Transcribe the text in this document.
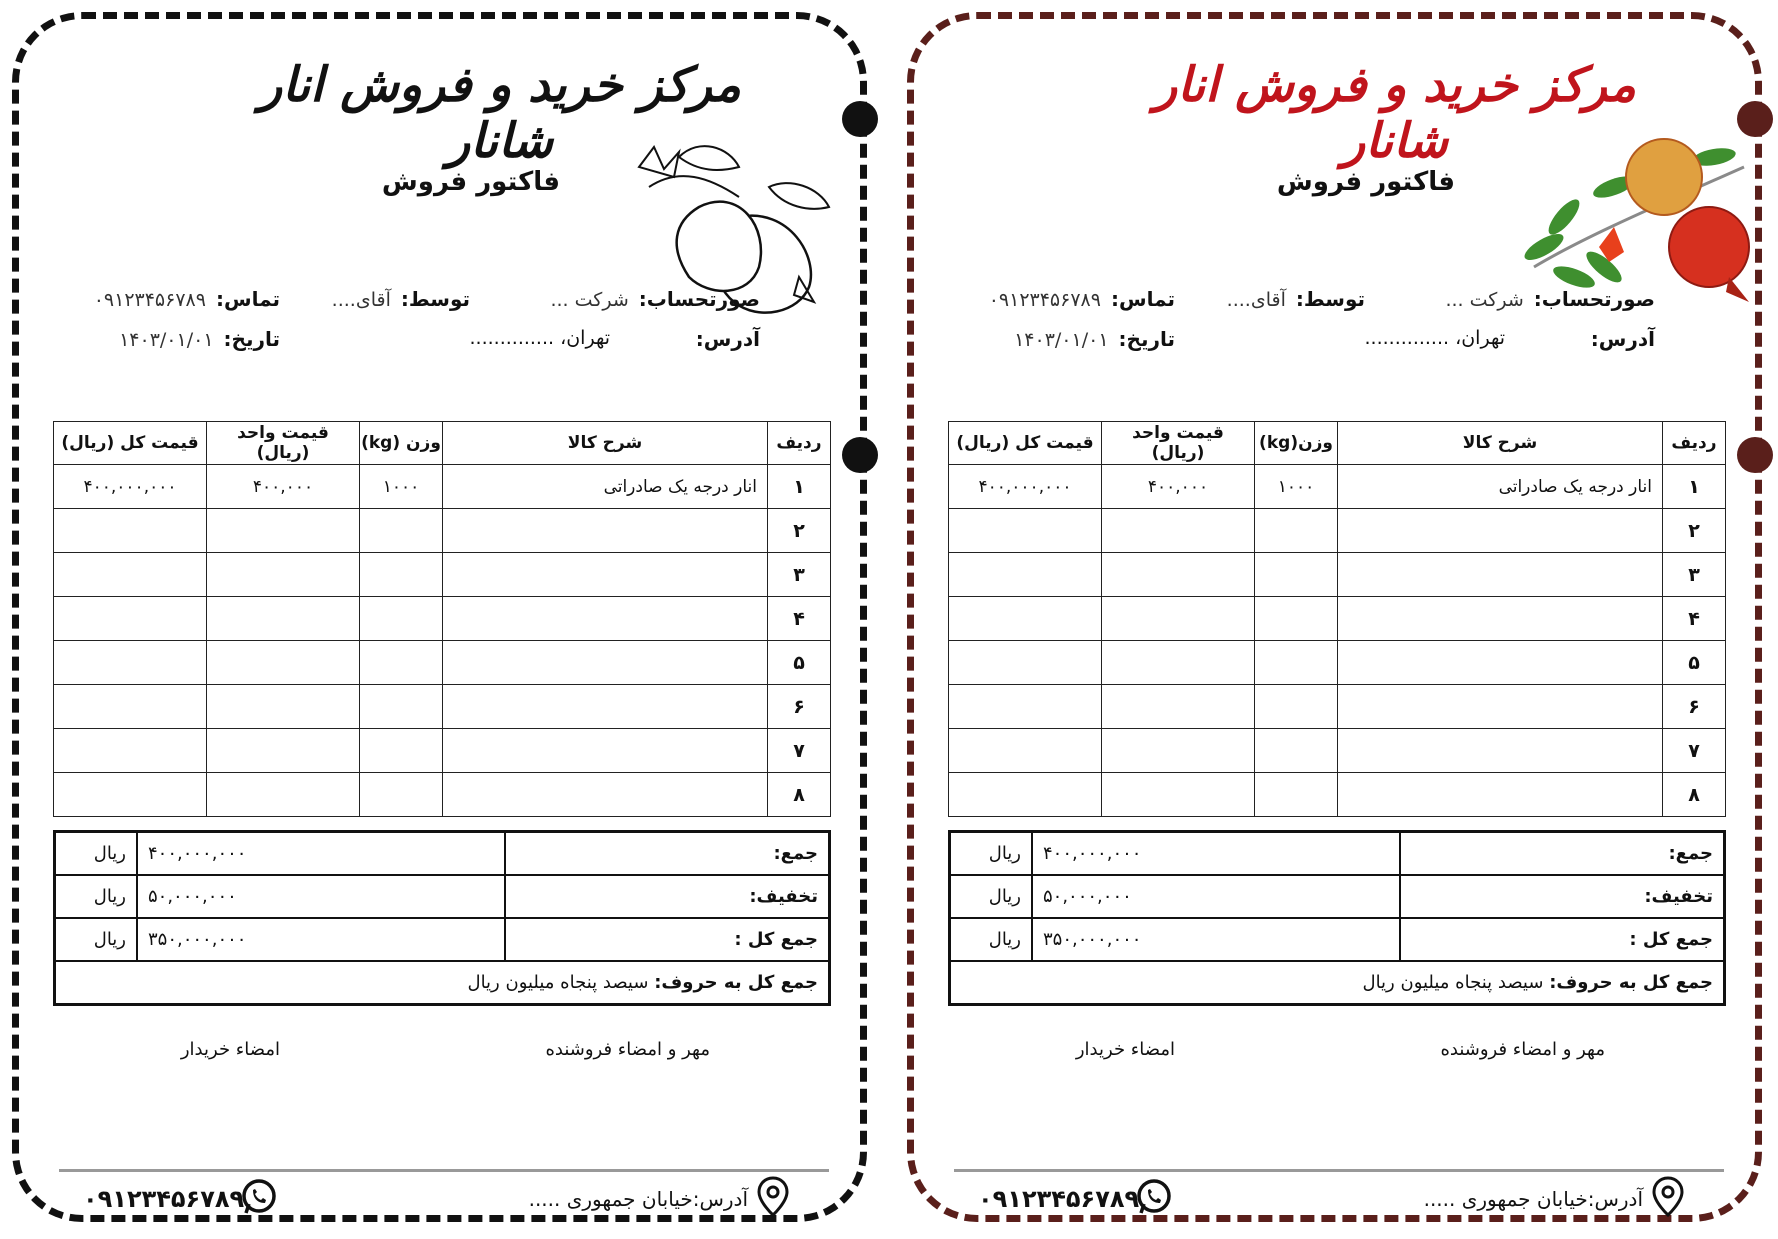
مرکز خرید و فروش انار شانار
فاکتور فروش
صورتحساب:شرکت ...
توسط:آقای....
تماس:۰۹۱۲۳۴۵۶۷۸۹
آدرس:
تهران، ..............
تاریخ:۱۴۰۳/۰۱/۰۱
ردیف	شرح کالا	وزن (kg)	قیمت واحد (ریال)	قیمت کل (ریال)
۱	انار درجه یک صادراتی	۱۰۰۰	۴۰۰,۰۰۰	۴۰۰,۰۰۰,۰۰۰
۲				
۳				
۴				
۵				
۶				
۷				
۸				
جمع:	۴۰۰,۰۰۰,۰۰۰	ریال
تخفیف:	۵۰,۰۰۰,۰۰۰	ریال
جمع کل :	۳۵۰,۰۰۰,۰۰۰	ریال
جمع کل به حروف: سیصد پنجاه میلیون ریال		
مهر و امضاء فروشنده
امضاء خریدار
آدرس:خیابان جمهوری .....
۰۹۱۲۳۴۵۶۷۸۹
مرکز خرید و فروش انار شانار
فاکتور فروش
صورتحساب:شرکت ...
توسط:آقای....
تماس:۰۹۱۲۳۴۵۶۷۸۹
آدرس:
تهران، ..............
تاریخ:۱۴۰۳/۰۱/۰۱
ردیف	شرح کالا	وزن(kg)	قیمت واحد (ریال)	قیمت کل (ریال)
۱	انار درجه یک صادراتی	۱۰۰۰	۴۰۰,۰۰۰	۴۰۰,۰۰۰,۰۰۰
۲				
۳				
۴				
۵				
۶				
۷				
۸				
جمع:	۴۰۰,۰۰۰,۰۰۰	ریال
تخفیف:	۵۰,۰۰۰,۰۰۰	ریال
جمع کل :	۳۵۰,۰۰۰,۰۰۰	ریال
جمع کل به حروف: سیصد پنجاه میلیون ریال		
مهر و امضاء فروشنده
امضاء خریدار
آدرس:خیابان جمهوری .....
۰۹۱۲۳۴۵۶۷۸۹
